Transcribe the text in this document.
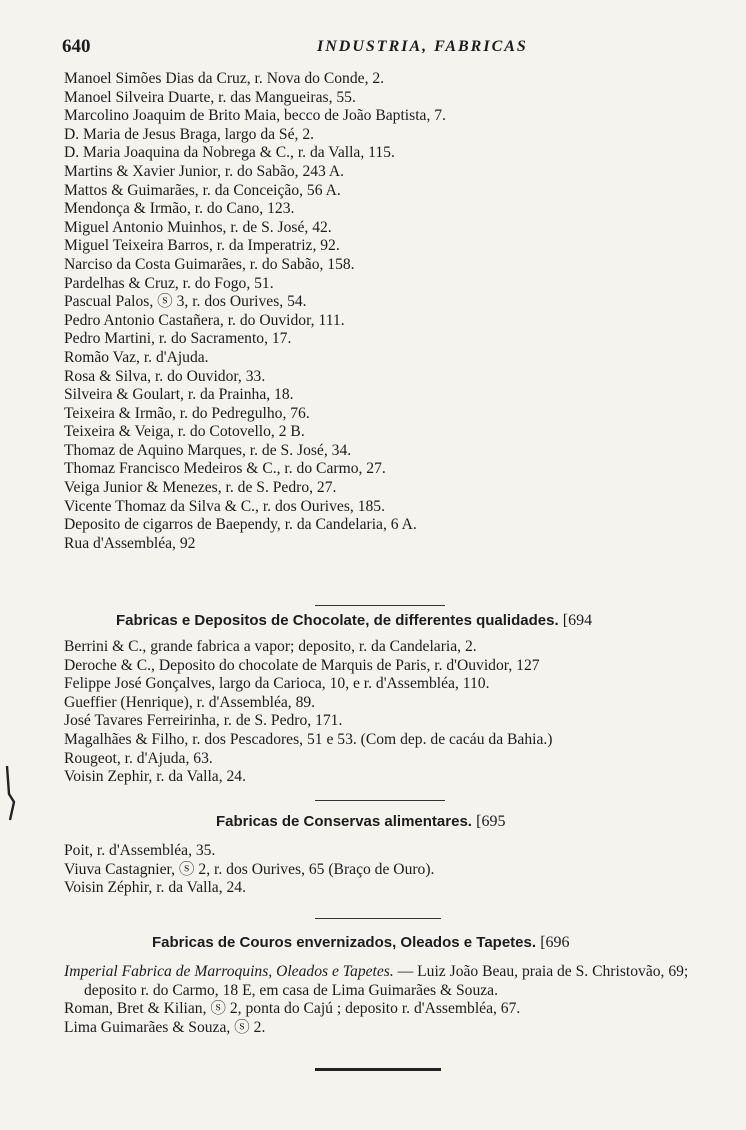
640	INDUSTRIA, FABRICAS
Manoel Simões Dias da Cruz, r. Nova do Conde, 2.
Manoel Silveira Duarte, r. das Mangueiras, 55.
Marcolino Joaquim de Brito Maia, becco de João Baptista, 7.
D. Maria de Jesus Braga, largo da Sé, 2.
D. Maria Joaquina da Nobrega & C., r. da Valla, 115.
Martins & Xavier Junior, r. do Sabão, 243 A.
Mattos & Guimarães, r. da Conceição, 56 A.
Mendonça & Irmão, r. do Cano, 123.
Miguel Antonio Muinhos, r. de S. José, 42.
Miguel Teixeira Barros, r. da Imperatriz, 92.
Narciso da Costa Guimarães, r. do Sabão, 158.
Pardelhas & Cruz, r. do Fogo, 51.
Pascual Palos, ⓢ 3, r. dos Ourives, 54.
Pedro Antonio Castañera, r. do Ouvidor, 111.
Pedro Martini, r. do Sacramento, 17.
Romão Vaz, r. d'Ajuda.
Rosa & Silva, r. do Ouvidor, 33.
Silveira & Goulart, r. da Prainha, 18.
Teixeira & Irmão, r. do Pedregulho, 76.
Teixeira & Veiga, r. do Cotovello, 2 B.
Thomaz de Aquino Marques, r. de S. José, 34.
Thomaz Francisco Medeiros & C., r. do Carmo, 27.
Veiga Junior & Menezes, r. de S. Pedro, 27.
Vicente Thomaz da Silva & C., r. dos Ourives, 185.
Deposito de cigarros de Baependy, r. da Candelaria, 6 A.
Rua d'Assembléa, 92
Fabricas e Depositos de Chocolate, de differentes qualidades. [694
Berrini & C., grande fabrica a vapor; deposito, r. da Candelaria, 2.
Deroche & C., Deposito do chocolate de Marquis de Paris, r. d'Ouvidor, 127
Felippe José Gonçalves, largo da Carioca, 10, e r. d'Assembléa, 110.
Gueffier (Henrique), r. d'Assembléa, 89.
José Tavares Ferreirinha, r. de S. Pedro, 171.
Magalhães & Filho, r. dos Pescadores, 51 e 53. (Com dep. de cacáu da Bahia.)
Rougeot, r. d'Ajuda, 63.
Voisin Zephir, r. da Valla, 24.
Fabricas de Conservas alimentares. [695
Poit, r. d'Assembléa, 35.
Viuva Castagnier, ⓢ 2, r. dos Ourives, 65 (Braço de Ouro).
Voisin Zéphir, r. da Valla, 24.
Fabricas de Couros envernizados, Oleados e Tapetes. [696
Imperial Fabrica de Marroquins, Oleados e Tapetes. — Luiz João Beau, praia de S. Christovão, 69; deposito r. do Carmo, 18 E, em casa de Lima Guimarães & Souza.
Roman, Bret & Kilian, ⓢ 2, ponta do Cajú ; deposito r. d'Assembléa, 67.
Lima Guimarães & Souza, ⓢ 2.
